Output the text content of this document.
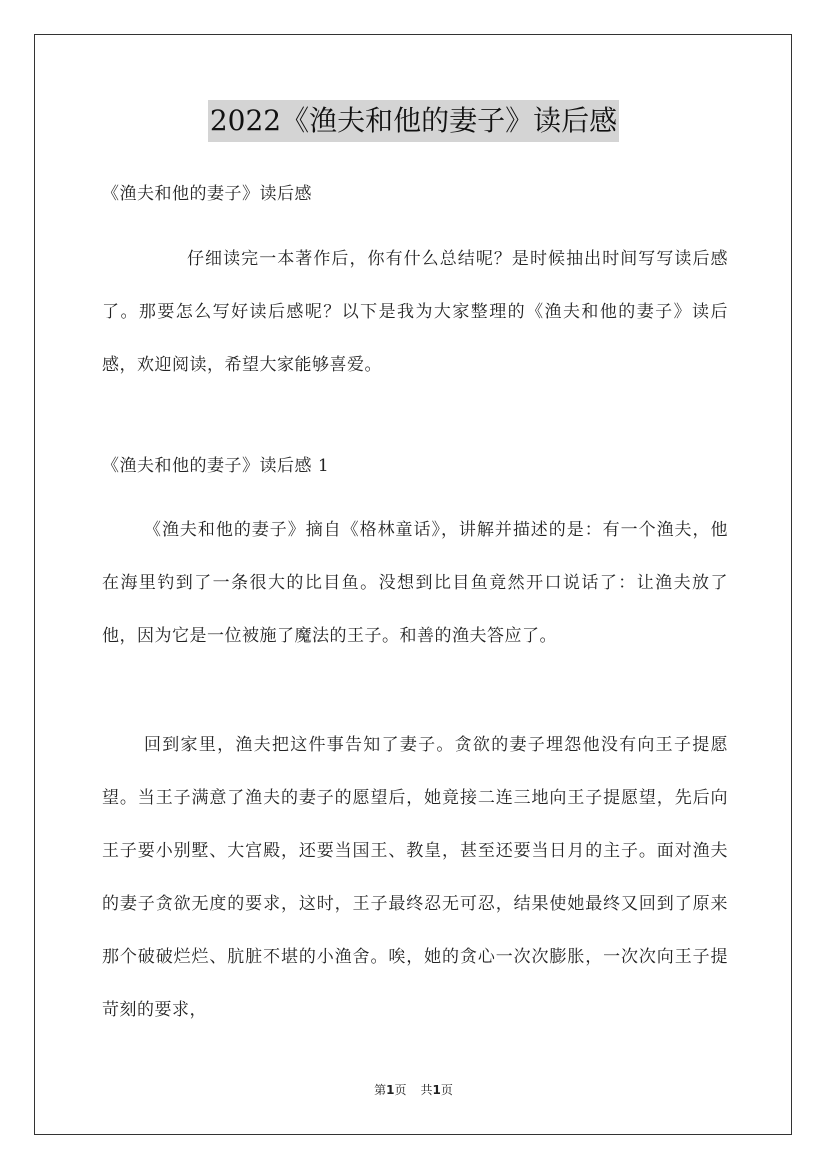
2022《渔夫和他的妻子》读后感
《渔夫和他的妻子》读后感
仔细读完一本著作后，你有什么总结呢？是时候抽出时间写写读后感了。那要怎么写好读后感呢？以下是我为大家整理的《渔夫和他的妻子》读后感，欢迎阅读，希望大家能够喜爱。
《渔夫和他的妻子》读后感 1
《渔夫和他的妻子》摘自《格林童话》，讲解并描述的是：有一个渔夫，他在海里钓到了一条很大的比目鱼。没想到比目鱼竟然开口说话了：让渔夫放了他，因为它是一位被施了魔法的王子。和善的渔夫答应了。
回到家里，渔夫把这件事告知了妻子。贪欲的妻子埋怨他没有向王子提愿望。当王子满意了渔夫的妻子的愿望后，她竟接二连三地向王子提愿望，先后向王子要小别墅、大宫殿，还要当国王、教皇，甚至还要当日月的主子。面对渔夫的妻子贪欲无度的要求，这时，王子最终忍无可忍，结果使她最终又回到了原来那个破破烂烂、肮脏不堪的小渔舍。唉，她的贪心一次次膨胀，一次次向王子提苛刻的要求，
第1页 共1页
